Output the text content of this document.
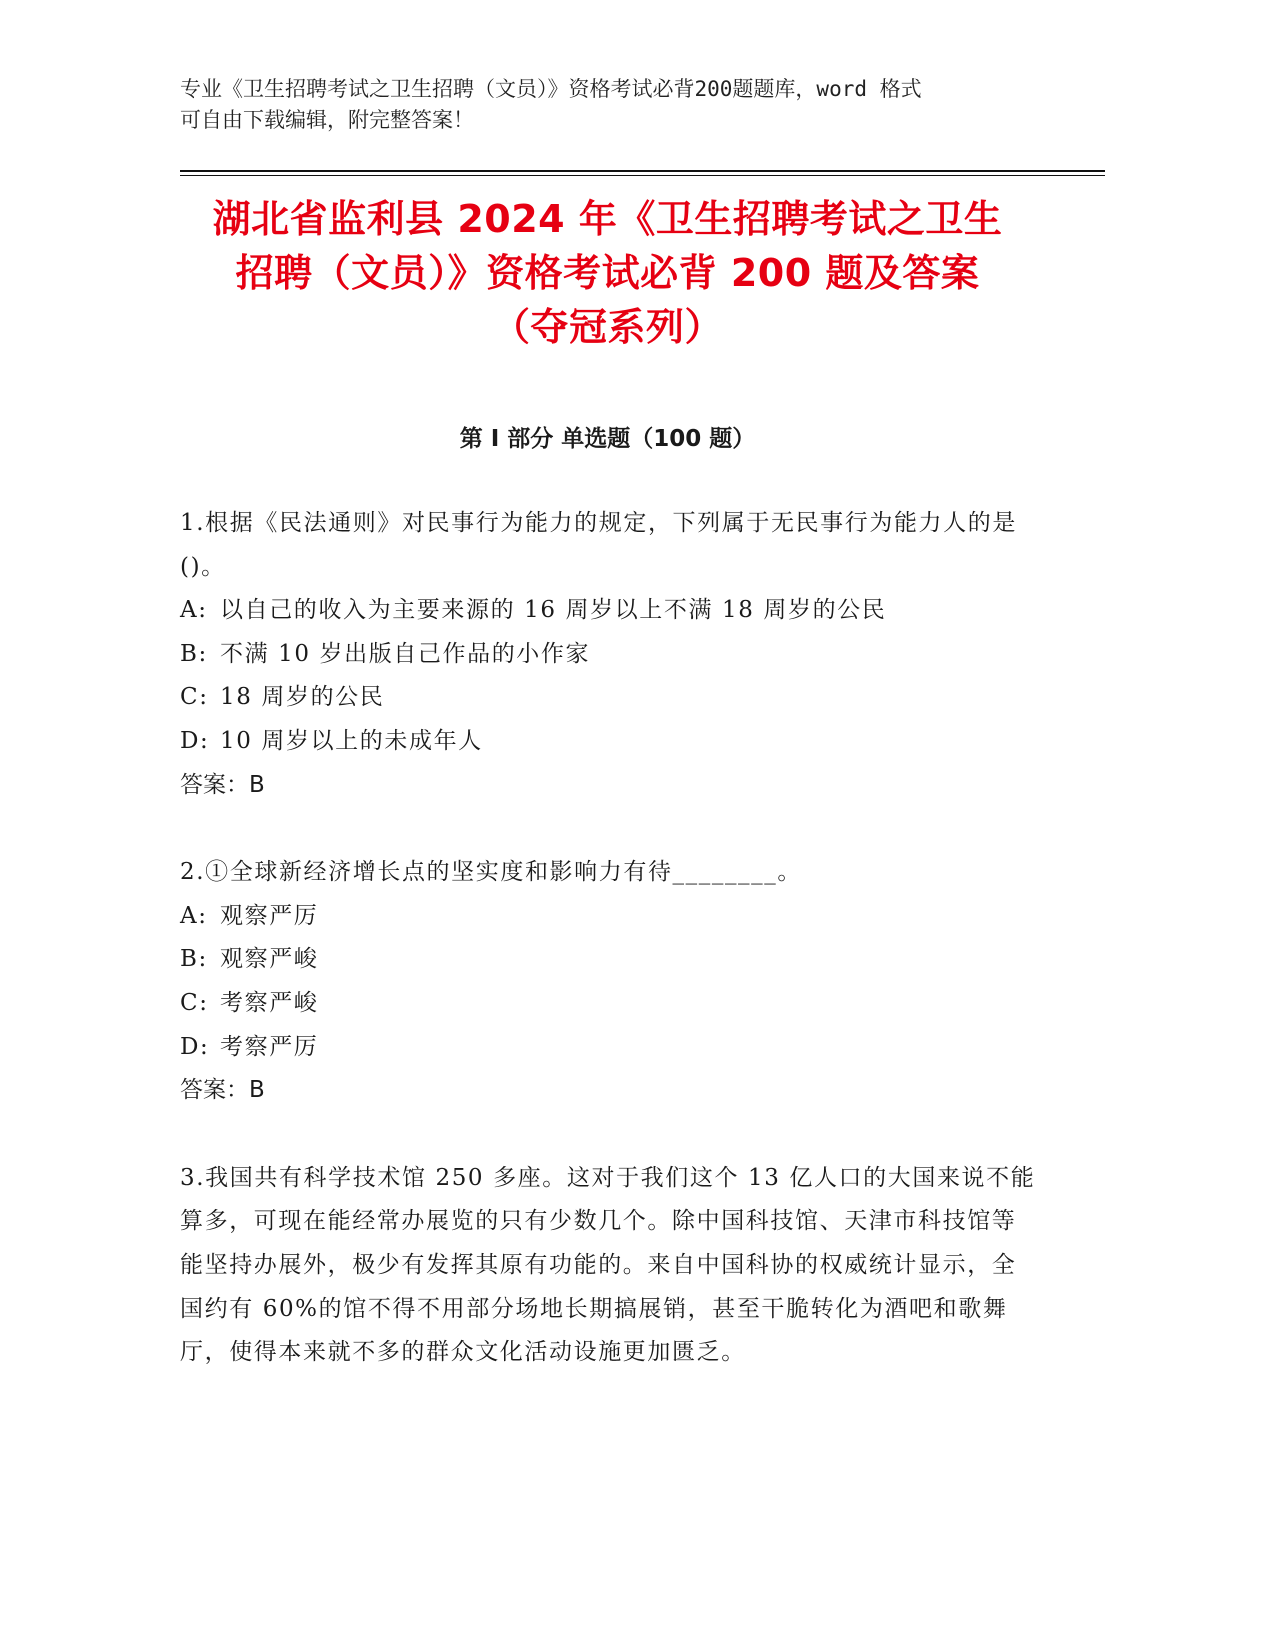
专业《卫生招聘考试之卫生招聘（文员）》资格考试必背200题题库，word 格式
可自由下载编辑，附完整答案！
湖北省监利县 2024 年《卫生招聘考试之卫生
招聘（文员）》资格考试必背 200 题及答案
（夺冠系列）
第 I 部分 单选题（100 题）

1.根据《民法通则》对民事行为能力的规定，下列属于无民事行为能力人的是()。

A: 以自己的收入为主要来源的 16 周岁以上不满 18 周岁的公民

B: 不满 10 岁出版自己作品的小作家

C: 18 周岁的公民

D: 10 周岁以上的未成年人

答案：B

2.①全球新经济增长点的坚实度和影响力有待________。

A: 观察严厉

B: 观察严峻

C: 考察严峻

D: 考察严厉

答案：B

3.我国共有科学技术馆 250 多座。这对于我们这个 13 亿人口的大国来说不能算多，可现在能经常办展览的只有少数几个。除中国科技馆、天津市科技馆等能坚持办展外，极少有发挥其原有功能的。来自中国科协的权威统计显示，全国约有 60%的馆不得不用部分场地长期搞展销，甚至干脆转化为酒吧和歌舞厅，使得本来就不多的群众文化活动设施更加匮乏。
